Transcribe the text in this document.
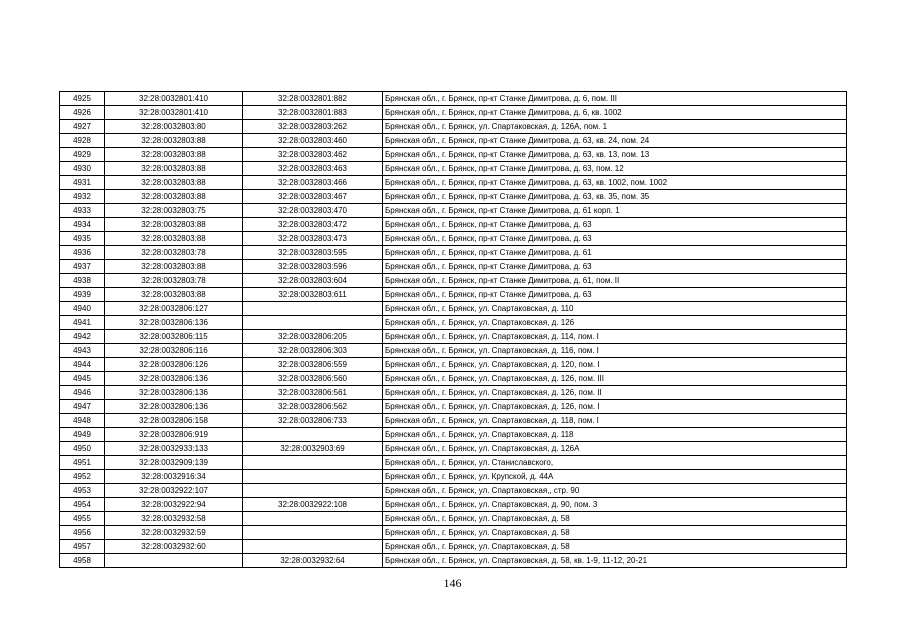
4925	32:28:0032801:410	32:28:0032801:882	Брянская обл., г. Брянск, пр-кт Станке Димитрова, д. 6, пом. III
4926	32:28:0032801:410	32:28:0032801:883	Брянская обл., г. Брянск, пр-кт Станке Димитрова, д. 6, кв. 1002
4927	32:28:0032803:80	32:28:0032803:262	Брянская обл., г. Брянск, ул. Спартаковская, д. 126А, пом. 1
4928	32:28:0032803:88	32:28:0032803:460	Брянская обл., г. Брянск, пр-кт Станке Димитрова, д. 63, кв. 24, пом. 24
4929	32:28:0032803:88	32:28:0032803:462	Брянская обл., г. Брянск, пр-кт Станке Димитрова, д. 63, кв. 13, пом. 13
4930	32:28:0032803:88	32:28:0032803:463	Брянская обл., г. Брянск, пр-кт Станке Димитрова, д. 63, пом. 12
4931	32:28:0032803:88	32:28:0032803:466	Брянская обл., г. Брянск, пр-кт Станке Димитрова, д. 63, кв. 1002, пом. 1002
4932	32:28:0032803:88	32:28:0032803:467	Брянская обл., г. Брянск, пр-кт Станке Димитрова, д. 63, кв. 35, пом. 35
4933	32:28:0032803:75	32:28:0032803:470	Брянская обл., г. Брянск, пр-кт Станке Димитрова, д. 61 корп. 1
4934	32:28:0032803:88	32:28:0032803:472	Брянская обл., г. Брянск, пр-кт Станке Димитрова, д. 63
4935	32:28:0032803:88	32:28:0032803:473	Брянская обл., г. Брянск, пр-кт Станке Димитрова, д. 63
4936	32:28:0032803:78	32:28:0032803:595	Брянская обл., г. Брянск, пр-кт Станке Димитрова, д. 61
4937	32:28:0032803:88	32:28:0032803:596	Брянская обл., г. Брянск, пр-кт Станке Димитрова, д. 63
4938	32:28:0032803:78	32:28:0032803:604	Брянская обл., г. Брянск, пр-кт Станке Димитрова, д. 61, пом. II
4939	32:28:0032803:88	32:28:0032803:611	Брянская обл., г. Брянск, пр-кт Станке Димитрова, д. 63
4940	32:28:0032806:127		Брянская обл., г. Брянск, ул. Спартаковская, д. 110
4941	32:28:0032806:136		Брянская обл., г. Брянск, ул. Спартаковская, д. 126
4942	32:28:0032806:115	32:28:0032806:205	Брянская обл., г. Брянск, ул. Спартаковская, д. 114, пом. I
4943	32:28:0032806:116	32:28:0032806:303	Брянская обл., г. Брянск, ул. Спартаковская, д. 116, пом. I
4944	32:28:0032806:126	32:28:0032806:559	Брянская обл., г. Брянск, ул. Спартаковская, д. 120, пом. I
4945	32:28:0032806:136	32:28:0032806:560	Брянская обл., г. Брянск, ул. Спартаковская, д. 126, пом. III
4946	32:28:0032806:136	32:28:0032806:561	Брянская обл., г. Брянск, ул. Спартаковская, д. 126, пом. II
4947	32:28:0032806:136	32:28:0032806:562	Брянская обл., г. Брянск, ул. Спартаковская, д. 126, пом. I
4948	32:28:0032806:158	32:28:0032806:733	Брянская обл., г. Брянск, ул. Спартаковская, д. 118, пом. I
4949	32:28:0032806:919		Брянская обл., г. Брянск, ул. Спартаковская, д. 118
4950	32:28:0032933:133	32:28:0032903:69	Брянская обл., г. Брянск, ул. Спартаковская, д. 126А
4951	32:28:0032909:139		Брянская обл., г. Брянск, ул. Станиславского,
4952	32:28:0032916:34		Брянская обл., г. Брянск, ул. Крупской, д. 44А
4953	32:28:0032922:107		Брянская обл., г. Брянск, ул. Спартаковская,, стр. 90
4954	32:28:0032922:94	32:28:0032922:108	Брянская обл., г. Брянск, ул. Спартаковская, д. 90, пом. 3
4955	32:28:0032932:58		Брянская обл., г. Брянск, ул. Спартаковская, д. 58
4956	32:28:0032932:59		Брянская обл., г. Брянск, ул. Спартаковская, д. 58
4957	32:28:0032932:60		Брянская обл., г. Брянск, ул. Спартаковская, д. 58
4958		32:28:0032932:64	Брянская обл., г. Брянск, ул. Спартаковская, д. 58, кв. 1-9, 11-12, 20-21
146
